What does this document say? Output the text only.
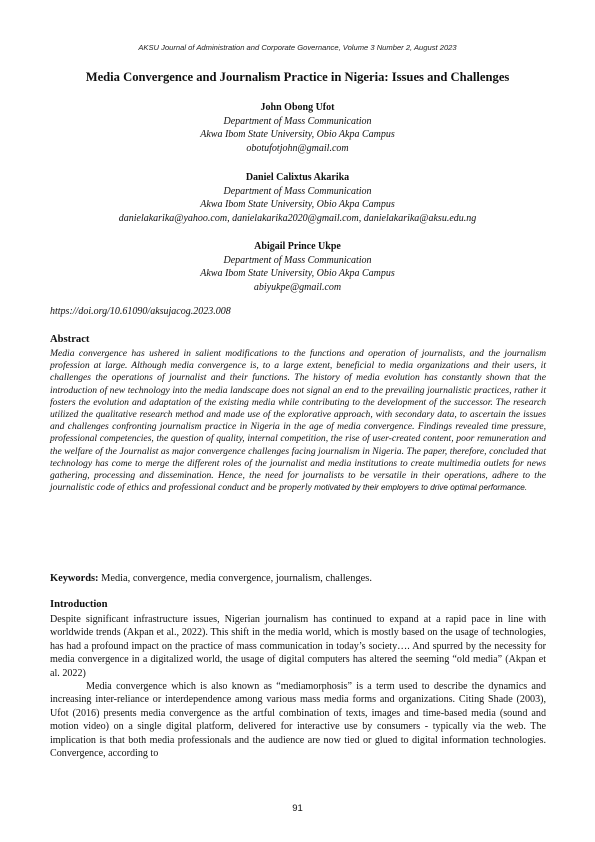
AKSU Journal of Administration and Corporate Governance, Volume 3 Number 2, August 2023
Media Convergence and Journalism Practice in Nigeria: Issues and Challenges
John Obong Ufot
Department of Mass Communication
Akwa Ibom State University, Obio Akpa Campus
obotufotjohn@gmail.com
Daniel Calixtus Akarika
Department of Mass Communication
Akwa Ibom State University, Obio Akpa Campus
danielakarika@yahoo.com, danielakarika2020@gmail.com, danielakarika@aksu.edu.ng
Abigail Prince Ukpe
Department of Mass Communication
Akwa Ibom State University, Obio Akpa Campus
abiyukpe@gmail.com
https://doi.org/10.61090/aksujacog.2023.008
Abstract
Media convergence has ushered in salient modifications to the functions and operation of journalists, and the journalism profession at large. Although media convergence is, to a large extent, beneficial to media organizations and their users, it challenges the operations of journalist and their functions. The history of media evolution has constantly shown that the introduction of new technology into the media landscape does not signal an end to the prevailing journalistic practices, rather it fosters the evolution and adaptation of the existing media while contributing to the development of the successor. The research utilized the qualitative research method and made use of the explorative approach, with secondary data, to ascertain the issues and challenges confronting journalism practice in Nigeria in the age of media convergence. Findings revealed time pressure, professional competencies, the question of quality, internal competition, the rise of user-created content, poor remuneration and the welfare of the Journalist as major convergence challenges facing journalism in Nigeria. The paper, therefore, concluded that technology has come to merge the different roles of the journalist and media institutions to create multimedia outlets for news gathering, processing and dissemination. Hence, the need for journalists to be versatile in their operations, adhere to the journalistic code of ethics and professional conduct and be properly motivated by their employers to drive optimal performance.
Keywords: Media, convergence, media convergence, journalism, challenges.
Introduction

Despite significant infrastructure issues, Nigerian journalism has continued to expand at a rapid pace in line with worldwide trends (Akpan et al., 2022). This shift in the media world, which is mostly based on the usage of technologies, has had a profound impact on the practice of mass communication in today’s society…. And spurred by the necessity for media convergence in a digitalized world, the usage of digital computers has altered the seeming “old media” (Akpan et al. 2022)

Media convergence which is also known as “mediamorphosis” is a term used to describe the dynamics and increasing inter-reliance or interdependence among various mass media forms and organizations. Citing Shade (2003), Ufot (2016) presents media convergence as the artful combination of texts, images and time-based media (sound and motion video) on a single digital platform, delivered for interactive use by consumers - typically via the web. The implication is that both media professionals and the audience are now tied or glued to digital information technologies. Convergence, according to

91
